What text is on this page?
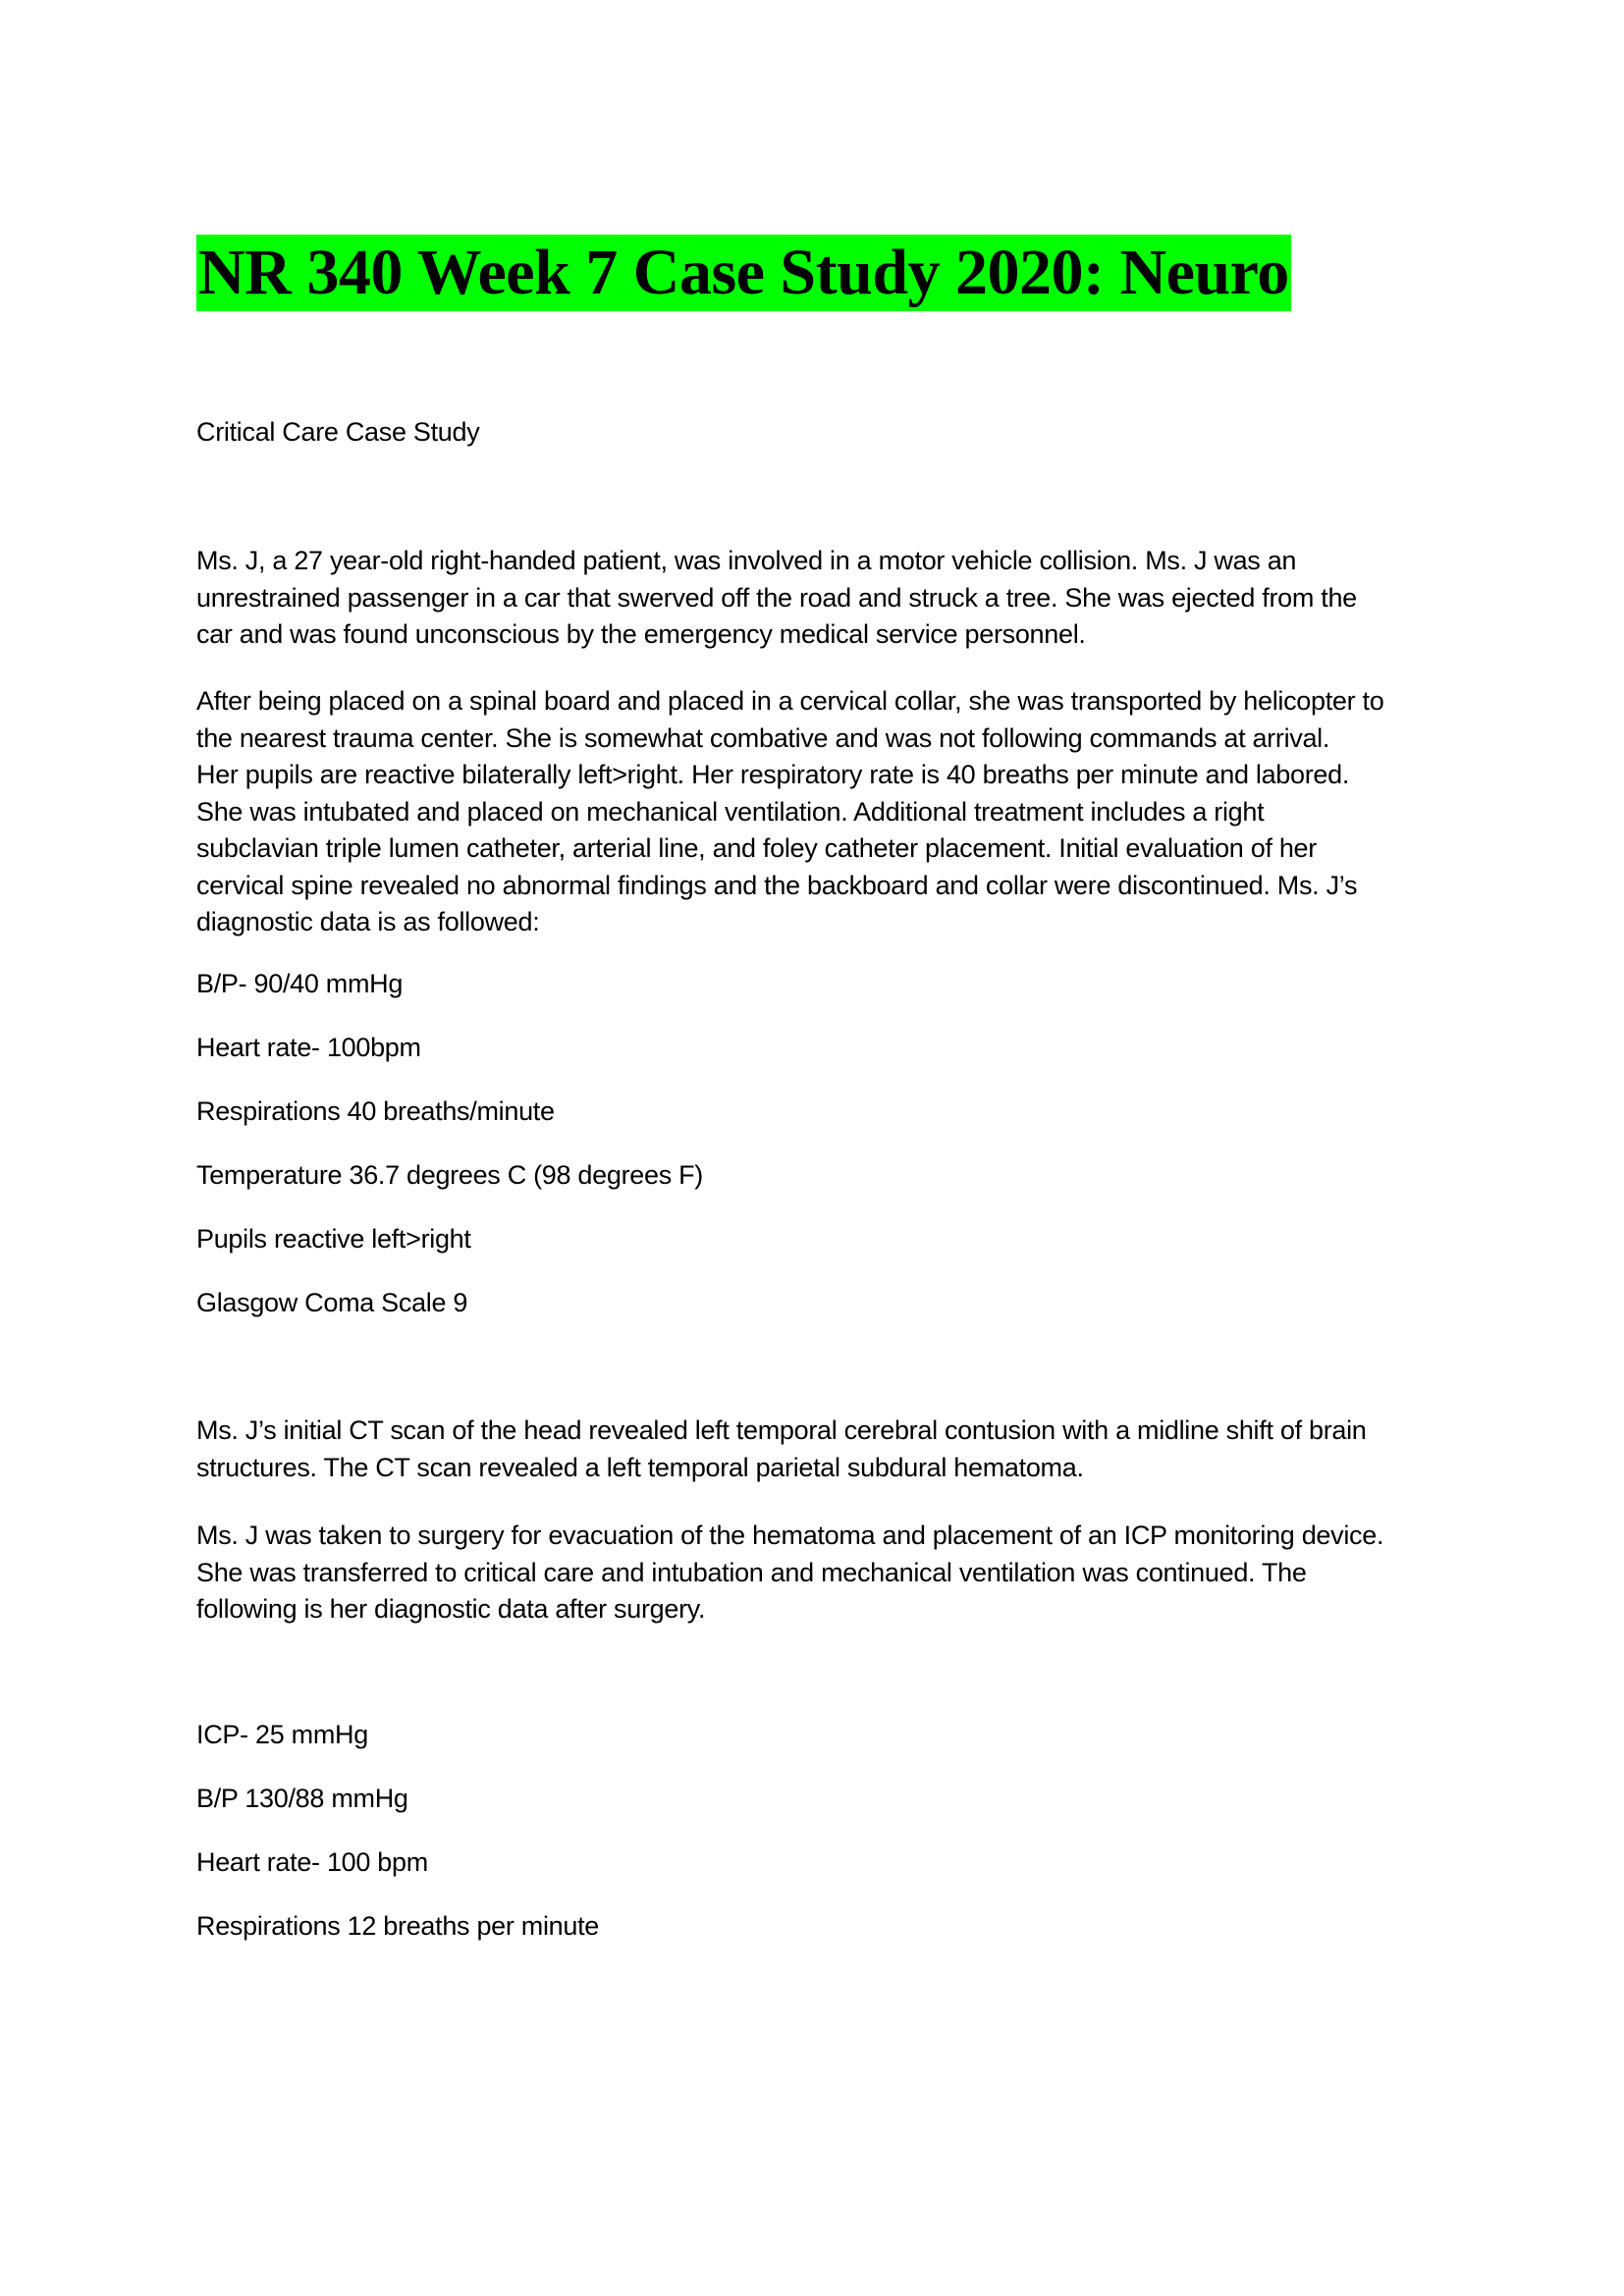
NR 340 Week 7 Case Study 2020: Neuro

Critical Care Case Study

Ms. J, a 27 year-old right-handed patient, was involved in a motor vehicle collision. Ms. J was an
unrestrained passenger in a car that swerved off the road and struck a tree. She was ejected from the
car and was found unconscious by the emergency medical service personnel.
After being placed on a spinal board and placed in a cervical collar, she was transported by helicopter to
the nearest trauma center. She is somewhat combative and was not following commands at arrival.
Her pupils are reactive bilaterally left>right. Her respiratory rate is 40 breaths per minute and labored.
She was intubated and placed on mechanical ventilation. Additional treatment includes a right
subclavian triple lumen catheter, arterial line, and foley catheter placement. Initial evaluation of her
cervical spine revealed no abnormal findings and the backboard and collar were discontinued. Ms. J’s
diagnostic data is as followed:

B/P- 90/40 mmHg

Heart rate- 100bpm

Respirations 40 breaths/minute

Temperature 36.7 degrees C (98 degrees F)

Pupils reactive left>right

Glasgow Coma Scale 9

Ms. J’s initial CT scan of the head revealed left temporal cerebral contusion with a midline shift of brain
structures. The CT scan revealed a left temporal parietal subdural hematoma.
Ms. J was taken to surgery for evacuation of the hematoma and placement of an ICP monitoring device.
She was transferred to critical care and intubation and mechanical ventilation was continued. The
following is her diagnostic data after surgery.

ICP- 25 mmHg

B/P 130/88 mmHg

Heart rate- 100 bpm

Respirations 12 breaths per minute
